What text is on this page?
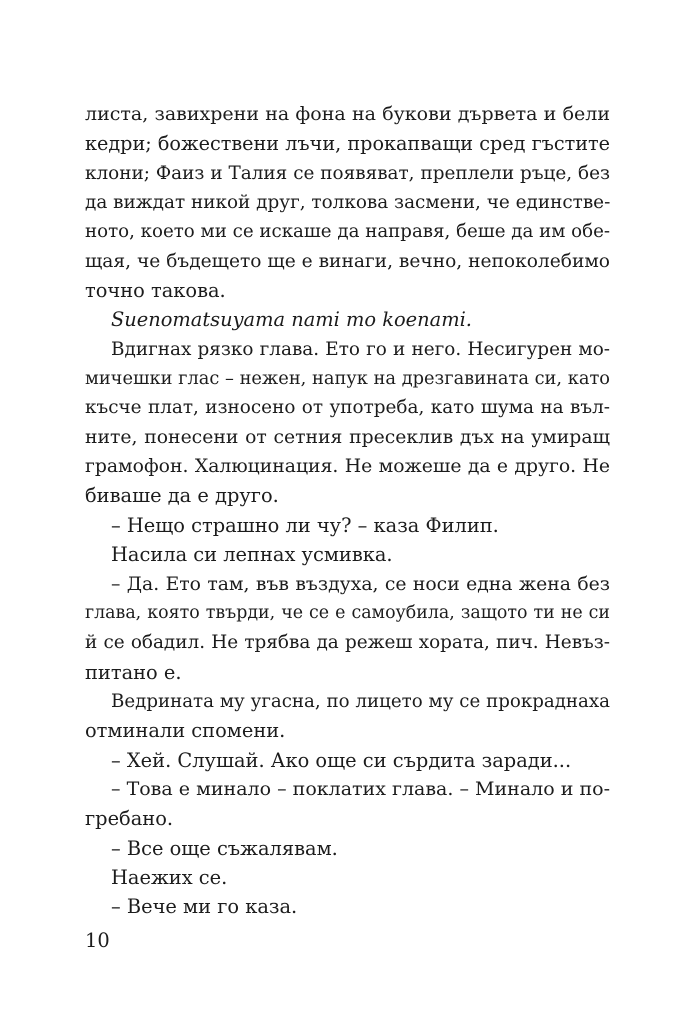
листа, завихрени на фона на букови дървета и бели
кедри; божествени лъчи, прокапващи сред гъстите
клони; Фаиз и Талия се появяват, преплели ръце, без
да виждат никой друг, толкова засмени, че единстве-
ното, което ми се искаше да направя, беше да им обе-
щая, че бъдещето ще е винаги, вечно, непоколебимо
точно такова.
Suenomatsuyama nami mo koenami.
Вдигнах рязко глава. Ето го и него. Несигурен мо-
мичешки глас – нежен, напук на дрезгавината си, като
късче плат, износено от употреба, като шума на въл-
ните, понесени от сетния пресеклив дъх на умиращ
грамофон. Халюцинация. Не можеше да е друго. Не
биваше да е друго.
– Нещо страшно ли чу? – каза Филип.
Насила си лепнах усмивка.
– Да. Ето там, във въздуха, се носи една жена без
глава, която твърди, че се е самоубила, защото ти не си
й се обадил. Не трябва да режеш хората, пич. Невъз-
питано е.
Ведрината му угасна, по лицето му се прокраднаха
отминали спомени.
– Хей. Слушай. Ако още си сърдита заради...
– Това е минало – поклатих глава. – Минало и по-
гребано.
– Все още съжалявам.
Наежих се.
– Вече ми го каза.
10
